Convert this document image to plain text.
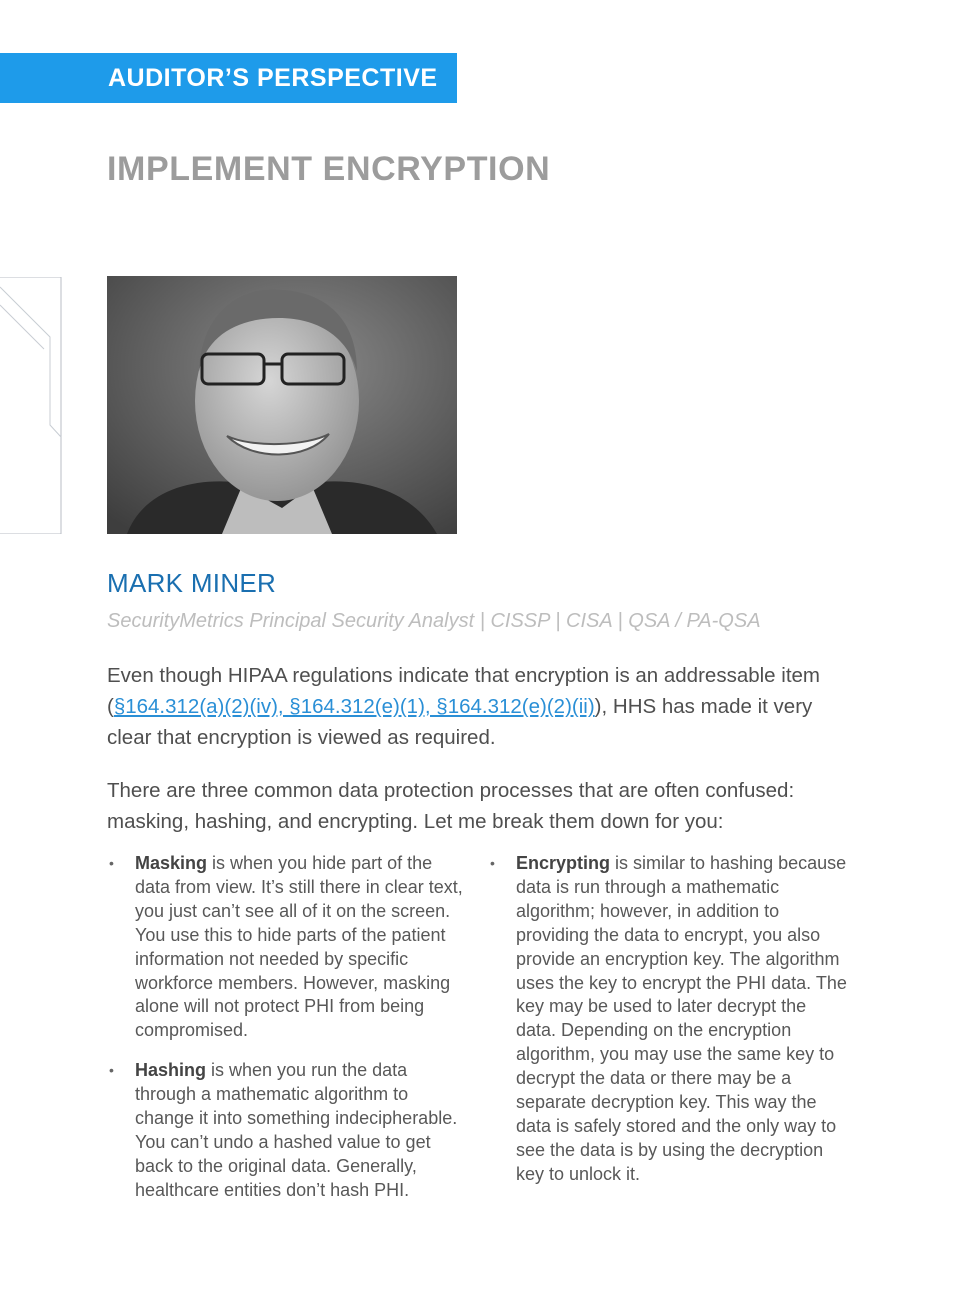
AUDITOR’S PERSPECTIVE
IMPLEMENT ENCRYPTION
MARK MINER
SecurityMetrics Principal Security Analyst | CISSP | CISA | QSA / PA-QSA

Even though HIPAA regulations indicate that encryption is an addressable item (§164.312(a)(2)(iv), §164.312(e)(1), §164.312(e)(2)(ii)), HHS has made it very clear that encryption is viewed as required.

There are three common data protection processes that are often confused: masking, hashing, and encrypting. Let me break them down for you:

• Masking is when you hide part of the data from view. It’s still there in clear text, you just can’t see all of it on the screen. You use this to hide parts of the patient information not needed by specific workforce members. However, masking alone will not protect PHI from being compromised.
• Hashing is when you run the data through a mathematic algorithm to change it into something indecipherable. You can’t undo a hashed value to get back to the original data. Generally, healthcare entities don’t hash PHI.
• Encrypting is similar to hashing because data is run through a mathematic algorithm; however, in addition to providing the data to encrypt, you also provide an encryption key. The algorithm uses the key to encrypt the PHI data. The key may be used to later decrypt the data. Depending on the encryption algorithm, you may use the same key to decrypt the data or there may be a separate decryption key. This way the data is safely stored and the only way to see the data is by using the decryption key to unlock it.
